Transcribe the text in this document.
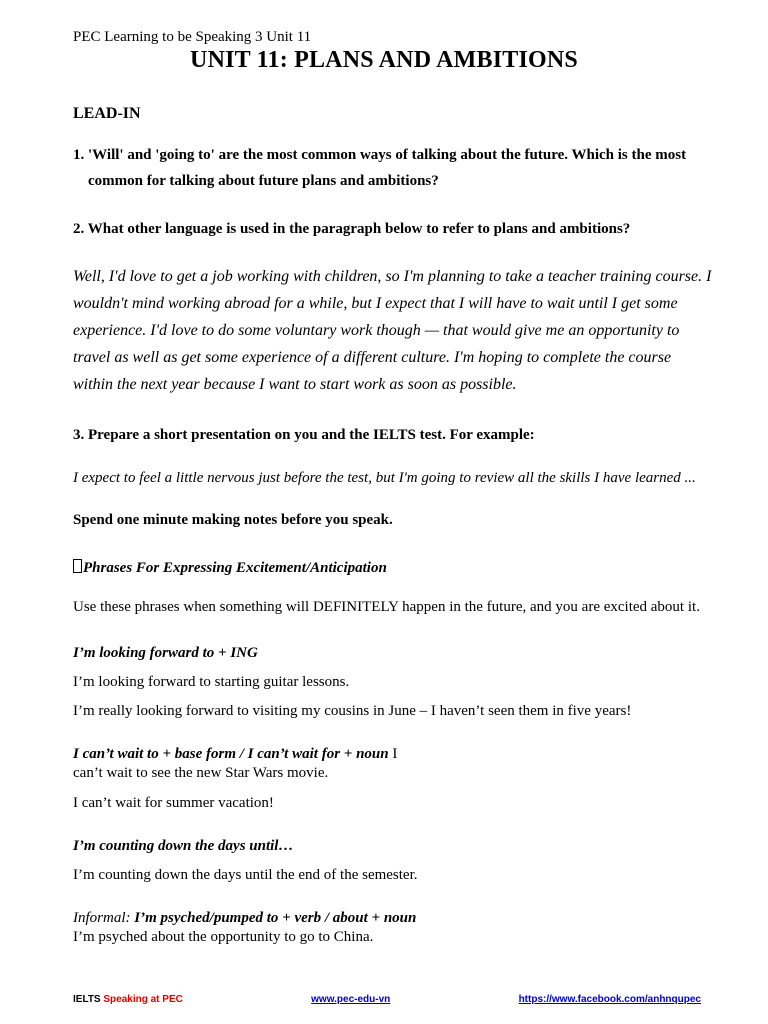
PEC Learning to be Speaking 3 Unit 11
UNIT 11: PLANS AND AMBITIONS
LEAD-IN
1. 'Will' and 'going to' are the most common ways of talking about the future. Which is the most common for talking about future plans and ambitions?
2. What other language is used in the paragraph below to refer to plans and ambitions?
Well, I'd love to get a job working with children, so I'm planning to take a teacher training course. I wouldn't mind working abroad for a while, but I expect that I will have to wait until I get some experience. I'd love to do some voluntary work though — that would give me an opportunity to travel as well as get some experience of a different culture. I'm hoping to complete the course within the next year because I want to start work as soon as possible.
3. Prepare a short presentation on you and the IELTS test. For example:
I expect to feel a little nervous just before the test, but I'm going to review all the skills I have learned ...
Spend one minute making notes before you speak.
Phrases For Expressing Excitement/Anticipation
Use these phrases when something will DEFINITELY happen in the future, and you are excited about it.
I’m looking forward to + ING
I’m looking forward to starting guitar lessons.
I’m really looking forward to visiting my cousins in June – I haven’t seen them in five years!
I can’t wait to + base form / I can’t wait for + noun I
can’t wait to see the new Star Wars movie.
I can’t wait for summer vacation!
I’m counting down the days until…
I’m counting down the days until the end of the semester.
Informal: I’m psyched/pumped to + verb / about + noun
I’m psyched about the opportunity to go to China.
IELTS Speaking at PEC	www.pec-edu-vn	https://www.facebook.com/anhnqupec
